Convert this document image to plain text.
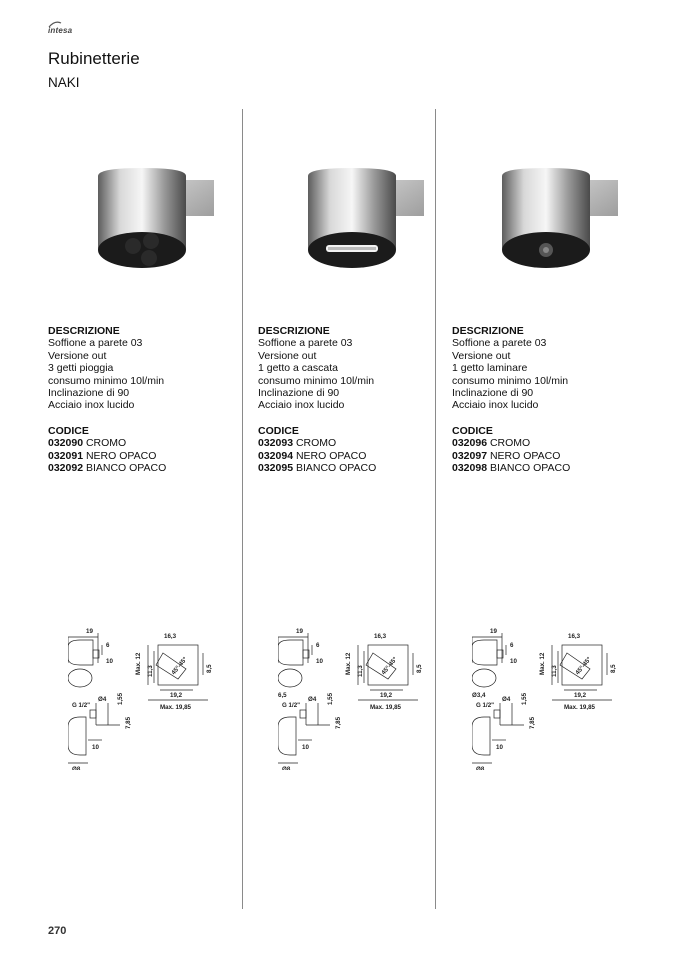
intesa
Rubinetterie
NAKI
DESCRIZIONE
Soffione a parete 03
Versione out
3 getti pioggia
consumo minimo 10l/min
Inclinazione di 90
Acciaio inox lucido
CODICE
032090 CROMO
032091 NERO OPACO
032092 BIANCO OPACO
19
6
10
16,3
Max. 12 11,3	45°-45°	8,5
19,2
Max. 19,85
Ø4
G 1/2"
1,55
7,85
10
Ø8
DESCRIZIONE
Soffione a parete 03
Versione out
1 getto a cascata
consumo minimo 10l/min
Inclinazione di 90
Acciaio inox lucido
CODICE
032093 CROMO
032094 NERO OPACO
032095 BIANCO OPACO
19
6
10
16,3
Max. 12 11,3	45°-45°	8,5
19,2
Max. 19,85
6,5
Ø4
G 1/2"
1,55
7,85
10
Ø8
DESCRIZIONE
Soffione a parete 03
Versione out
1 getto laminare
consumo minimo 10l/min
Inclinazione di 90
Acciaio inox lucido
CODICE
032096 CROMO
032097 NERO OPACO
032098 BIANCO OPACO
19
6
10
16,3
Max. 12 11,3	45°-45°	8,5
19,2
Max. 19,85
Ø3,4
Ø4
G 1/2"
1,55
7,85
10
Ø8
270
